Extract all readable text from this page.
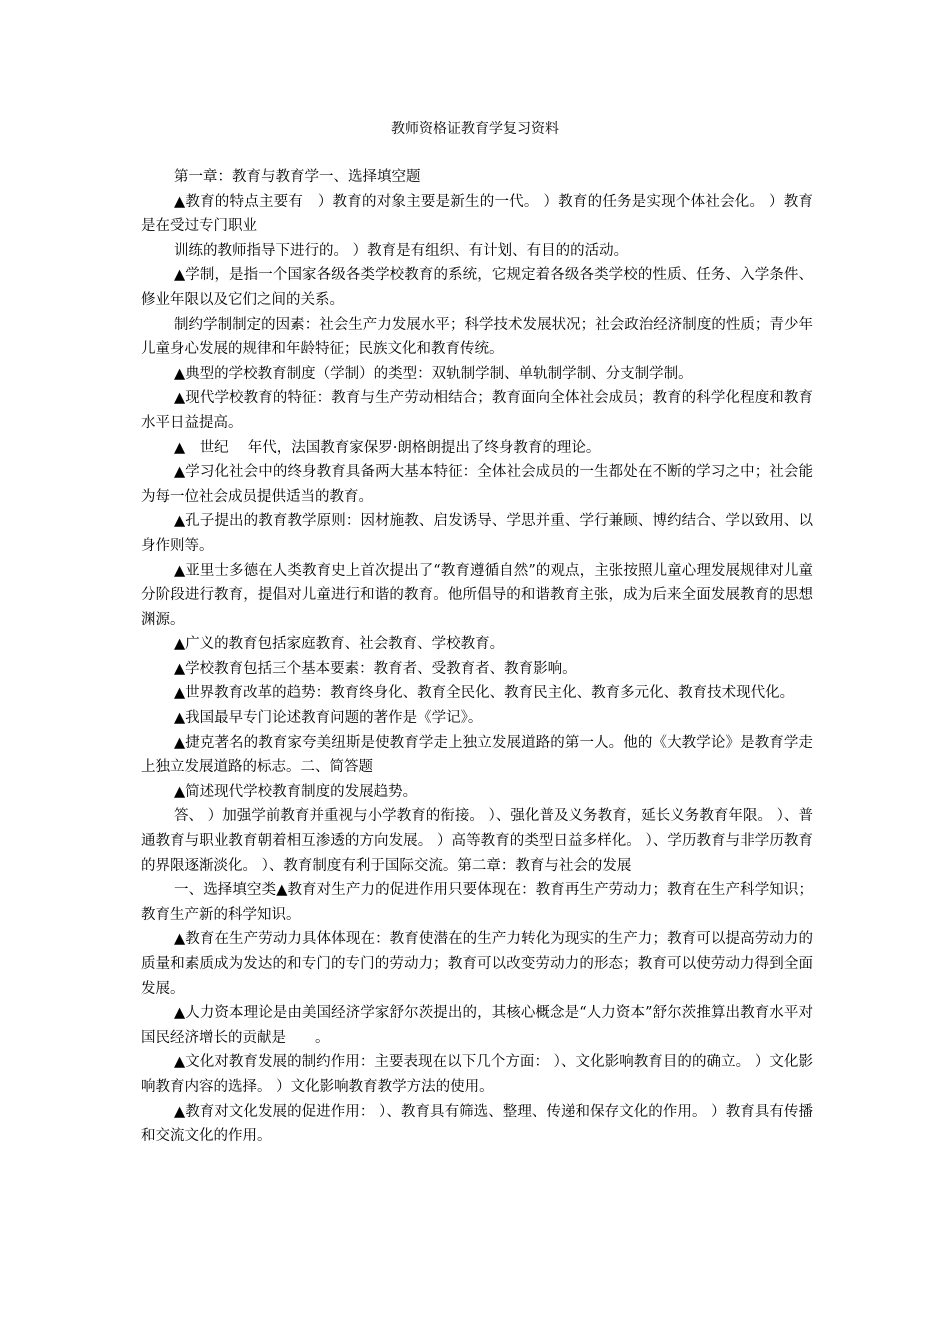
教师资格证教育学复习资料

第一章：教育与教育学一、选择填空题

▲教育的特点主要有　）教育的对象主要是新生的一代。 ）教育的任务是实现个体社会化。 ）教育是在受过专门职业

训练的教师指导下进行的。 ）教育是有组织、有计划、有目的的活动。

▲学制，是指一个国家各级各类学校教育的系统，它规定着各级各类学校的性质、任务、入学条件、修业年限以及它们之间的关系。

制约学制制定的因素：社会生产力发展水平；科学技术发展状况；社会政治经济制度的性质；青少年儿童身心发展的规律和年龄特征；民族文化和教育传统。

▲典型的学校教育制度（学制）的类型：双轨制学制、单轨制学制、分支制学制。

▲现代学校教育的特征：教育与生产劳动相结合；教育面向全体社会成员；教育的科学化程度和教育水平日益提高。

▲　世纪　 年代，法国教育家保罗·朗格朗提出了终身教育的理论。

▲学习化社会中的终身教育具备两大基本特征：全体社会成员的一生都处在不断的学习之中；社会能为每一位社会成员提供适当的教育。

▲孔子提出的教育教学原则：因材施教、启发诱导、学思并重、学行兼顾、博约结合、学以致用、以身作则等。

▲亚里士多德在人类教育史上首次提出了“教育遵循自然”的观点，主张按照儿童心理发展规律对儿童分阶段进行教育，提倡对儿童进行和谐的教育。他所倡导的和谐教育主张，成为后来全面发展教育的思想渊源。

▲广义的教育包括家庭教育、社会教育、学校教育。

▲学校教育包括三个基本要素：教育者、受教育者、教育影响。

▲世界教育改革的趋势：教育终身化、教育全民化、教育民主化、教育多元化、教育技术现代化。

▲我国最早专门论述教育问题的著作是《学记》。

▲捷克著名的教育家夸美纽斯是使教育学走上独立发展道路的第一人。他的《大教学论》是教育学走上独立发展道路的标志。二、简答题

▲简述现代学校教育制度的发展趋势。

答、 ）加强学前教育并重视与小学教育的衔接。 ）、强化普及义务教育，延长义务教育年限。 ）、普通教育与职业教育朝着相互渗透的方向发展。 ）高等教育的类型日益多样化。 ）、学历教育与非学历教育的界限逐渐淡化。 ）、教育制度有利于国际交流。第二章：教育与社会的发展

一、选择填空类▲教育对生产力的促进作用只要体现在：教育再生产劳动力；教育在生产科学知识；教育生产新的科学知识。

▲教育在生产劳动力具体体现在：教育使潜在的生产力转化为现实的生产力；教育可以提高劳动力的质量和素质成为发达的和专门的专门的劳动力；教育可以改变劳动力的形态；教育可以使劳动力得到全面发展。

▲人力资本理论是由美国经济学家舒尔茨提出的，其核心概念是“人力资本”舒尔茨推算出教育水平对国民经济增长的贡献是　　。

▲文化对教育发展的制约作用：主要表现在以下几个方面： ）、文化影响教育目的的确立。 ）文化影响教育内容的选择。 ）文化影响教育教学方法的使用。

▲教育对文化发展的促进作用： ）、教育具有筛选、整理、传递和保存文化的作用。 ）教育具有传播和交流文化的作用。
